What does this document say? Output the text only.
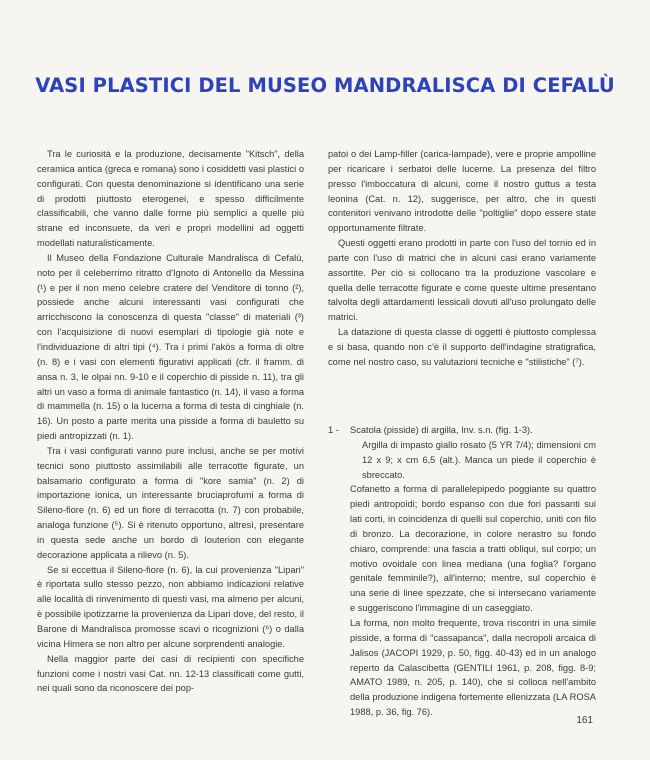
VASI PLASTICI DEL MUSEO MANDRALISCA DI CEFALÙ

Tra le curiosità e la produzione, decisamente "Kitsch", della ceramica antica (greca e romana) sono i cosiddetti vasi plastici o configurati. Con questa denominazione si identificano una serie di prodotti piuttosto eterogenei, e spesso difficilmente classificabili, che vanno dalle forme più semplici a quelle più strane ed inconsuete, da veri e propri modellini ad oggetti modellati naturalisticamente.

Il Museo della Fondazione Culturale Mandralisca di Cefalù, noto per il celeberrimo ritratto d'Ignoto di Antonello da Messina (¹) e per il non meno celebre cratere del Venditore di tonno (²), possiede anche alcuni interessanti vasi configurati che arricchiscono la conoscenza di questa "classe" di materiali (³) con l'acquisizione di nuovi esemplari di tipologie già note e l'individuazione di altri tipi (⁴). Tra i primi l'akòs a forma di oltre (n. 8) e i vasi con elementi figurativi applicati (cfr. il framm. di ansa n. 3, le olpai nn. 9-10 e il coperchio di pisside n. 11), tra gli altri un vaso a forma di animale fantastico (n. 14), il vaso a forma di mammella (n. 15) o la lucerna a forma di testa di cinghiale (n. 16). Un posto a parte merita una pisside a forma di bauletto su piedi antropizzati (n. 1).

Tra i vasi configurati vanno pure inclusi, anche se per motivi tecnici sono piuttosto assimilabili alle terracotte figurate, un balsamario configurato a forma di "kore samia" (n. 2) di importazione ionica, un interessante bruciaprofumi a forma di Sileno-fiore (n. 6) ed un fiore di terracotta (n. 7) con probabile, analoga funzione (⁵). Si è ritenuto opportuno, altresì, presentare in questa sede anche un bordo di louterion con elegante decorazione applicata a rilievo (n. 5).

Se si eccettua il Sileno-fiore (n. 6), la cui provenienza "Lipari" è riportata sullo stesso pezzo, non abbiamo indicazioni relative alle località di rinvenimento di questi vasi, ma almeno per alcuni, è possibile ipotizzarne la provenienza da Lipari dove, del resto, il Barone di Mandralisca promosse scavi o ricognizioni (⁶) o dalla vicina Himera se non altro per alcune sorprendenti analogie.

Nella maggior parte dei casi di recipienti con specifiche funzioni come i nostri vasi Cat. nn. 12-13 classificati come gutti, nei quali sono da riconoscere dei pop-

patoi o dei Lamp-filler (carica-lampade), vere e proprie ampolline per ricaricare i serbatoi delle lucerne. La presenza del filtro presso l'imboccatura di alcuni, come il nostro guttus a testa leonina (Cat. n. 12), suggerisce, per altro, che in questi contenitori venivano introdotte delle "poltiglie" dopo essere state opportunamente filtrate.

Questi oggetti erano prodotti in parte con l'uso del tornio ed in parte con l'uso di matrici che in alcuni casi erano variamente assortite. Per ciò si collocano tra la produzione vascolare e quella delle terracotte figurate e come queste ultime presentano talvolta degli attardamenti lessicali dovuti all'uso prolungato delle matrici.

La datazione di questa classe di oggetti è piuttosto complessa e si basa, quando non c'è il supporto dell'indagine stratigrafica, come nel nostro caso, su valutazioni tecniche e "stilistiche" (⁷).

1 - Scatola (pisside) di argilla, Inv. s.n. (fig. 1-3).

Argilla di impasto giallo rosato (5 YR 7/4); dimensioni cm 12 x 9; x cm 6,5 (alt.). Manca un piede il coperchio è sbreccato.

Cofanetto a forma di parallelepipedo poggiante su quattro piedi antropoidi; bordo espanso con due fori passanti sui lati corti, in coincidenza di quelli sul coperchio, uniti con filo di bronzo. La decorazione, in colore nerastro su fondo chiaro, comprende: una fascia a tratti obliqui, sul corpo; un motivo ovoidale con linea mediana (una foglia? l'organo genitale femminile?), all'interno; mentre, sul coperchio è una serie di linee spezzate, che si intersecano variamente e suggeriscono l'immagine di un caseggiato.

La forma, non molto frequente, trova riscontri in una simile pisside, a forma di "cassapanca", dalla necropoli arcaica di Jalisos (JACOPI 1929, p. 50, figg. 40-43) ed in un analogo reperto da Calascibetta (GENTILI 1961, p. 208, figg. 8-9; AMATO 1989, n. 205, p. 140), che si colloca nell'ambito della produzione indigena fortemente ellenizzata (LA ROSA 1988, p. 36, fig. 76).

161
